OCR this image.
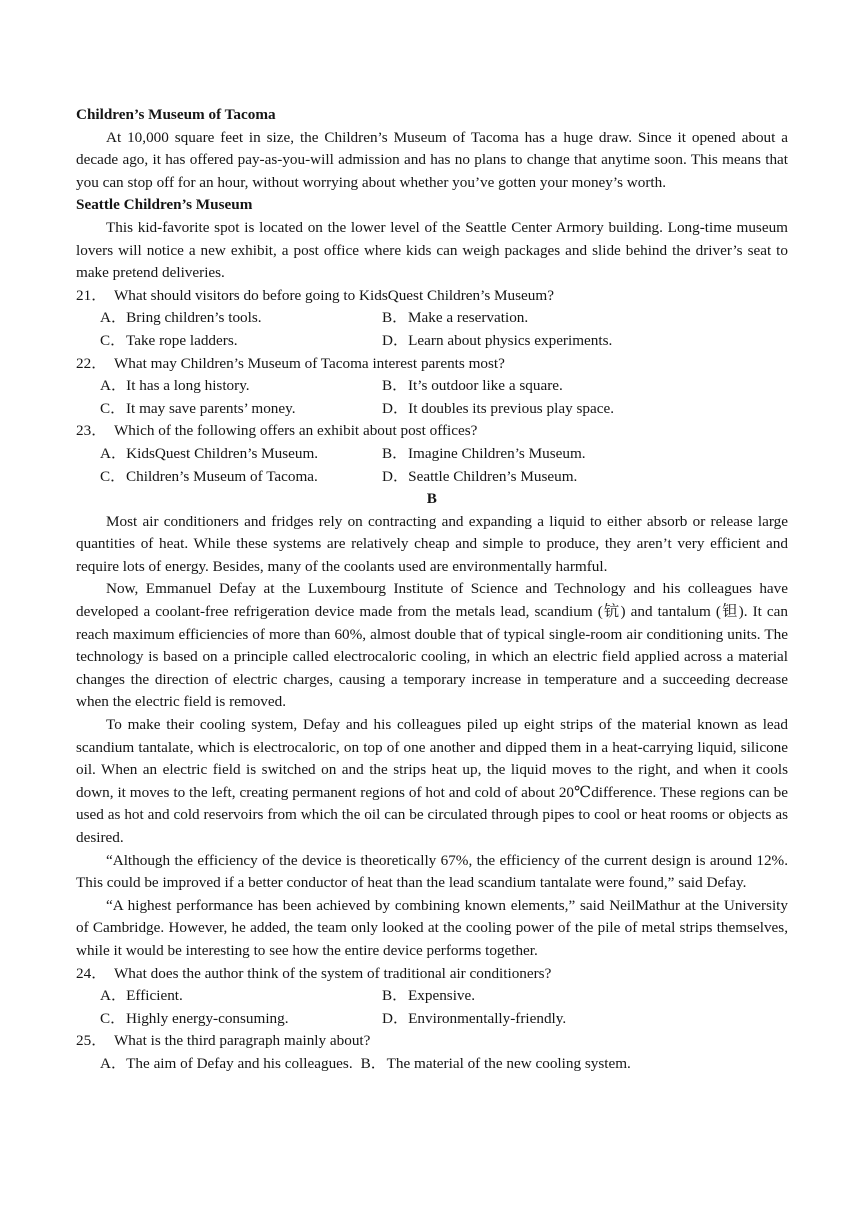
Children’s Museum of Tacoma

At 10,000 square feet in size, the Children’s Museum of Tacoma has a huge draw. Since it opened about a decade ago, it has offered pay-as-you-will admission and has no plans to change that anytime soon. This means that you can stop off for an hour, without worrying about whether you’ve gotten your money’s worth.

Seattle Children’s Museum

This kid-favorite spot is located on the lower level of the Seattle Center Armory building. Long-time museum lovers will notice a new exhibit, a post office where kids can weigh packages and slide behind the driver’s seat to make pretend deliveries.

21． What should visitors do before going to KidsQuest Children’s Museum?

A．Bring children’s tools.	B．Make a reservation.
C．Take rope ladders.	D．Learn about physics experiments.

22． What may Children’s Museum of Tacoma interest parents most?

A．It has a long history.	B．It’s outdoor like a square.
C．It may save parents’ money.	D．It doubles its previous play space.

23． Which of the following offers an exhibit about post offices?

A．KidsQuest Children’s Museum.	B．Imagine Children’s Museum.
C．Children’s Museum of Tacoma.	D．Seattle Children’s Museum.

B

Most air conditioners and fridges rely on contracting and expanding a liquid to either absorb or release large quantities of heat. While these systems are relatively cheap and simple to produce, they aren’t very efficient and require lots of energy. Besides, many of the coolants used are environmentally harmful.

Now, Emmanuel Defay at the Luxembourg Institute of Science and Technology and his colleagues have developed a coolant-free refrigeration device made from the metals lead, scandium (钪) and tantalum (钽). It can reach maximum efficiencies of more than 60%, almost double that of typical single-room air conditioning units. The technology is based on a principle called electrocaloric cooling, in which an electric field applied across a material changes the direction of electric charges, causing a temporary increase in temperature and a succeeding decrease when the electric field is removed.

To make their cooling system, Defay and his colleagues piled up eight strips of the material known as lead scandium tantalate, which is electrocaloric, on top of one another and dipped them in a heat-carrying liquid, silicone oil. When an electric field is switched on and the strips heat up, the liquid moves to the right, and when it cools down, it moves to the left, creating permanent regions of hot and cold of about 20℃difference. These regions can be used as hot and cold reservoirs from which the oil can be circulated through pipes to cool or heat rooms or objects as desired.

“Although the efficiency of the device is theoretically 67%, the efficiency of the current design is around 12%. This could be improved if a better conductor of heat than the lead scandium tantalate were found,” said Defay.

“A highest performance has been achieved by combining known elements,” said NeilMathur at the University of Cambridge. However, he added, the team only looked at the cooling power of the pile of metal strips themselves, while it would be interesting to see how the entire device performs together.

24． What does the author think of the system of traditional air conditioners?

A．Efficient.	B．Expensive.
C．Highly energy-consuming.	D．Environmentally-friendly.

25． What is the third paragraph mainly about?

A．The aim of Defay and his colleagues. B．The material of the new cooling system.
